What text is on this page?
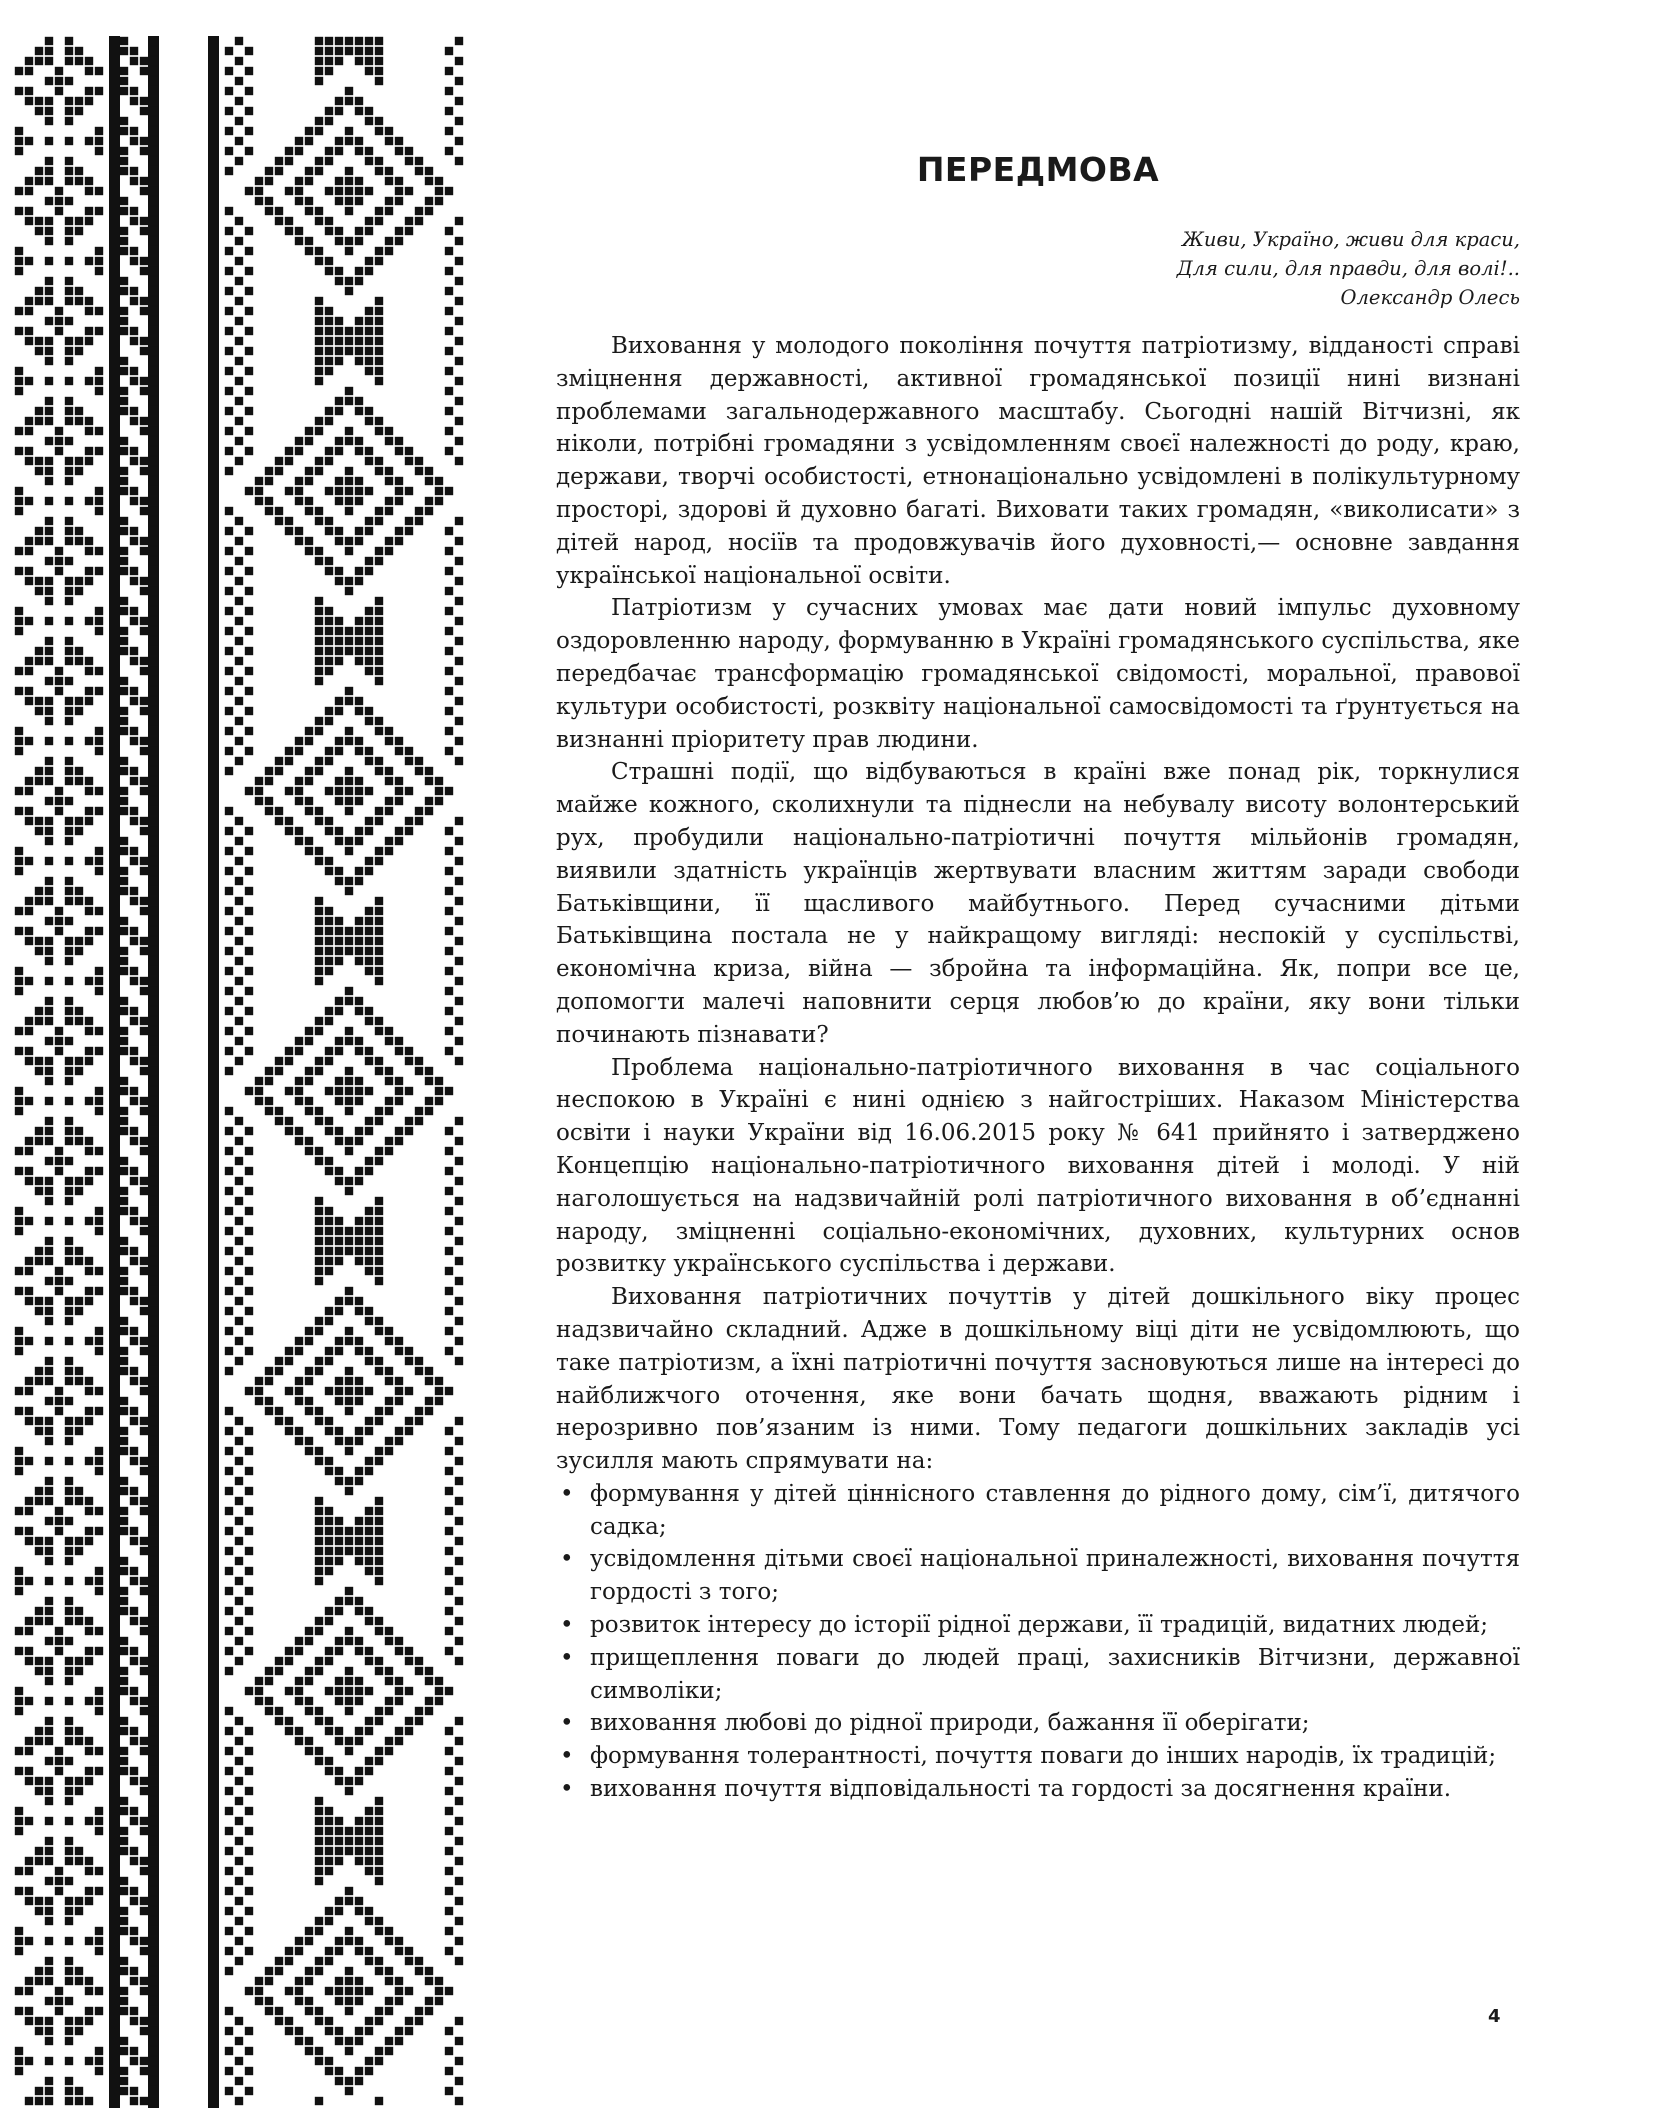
ПЕРЕДМОВА
Живи, Україно, живи для краси,
Для сили, для правди, для волі!..
Олександр Олесь

Виховання у молодого покоління почуття патріотизму, відданості справі зміцнення державності, активної громадянської позиції нині визнані проблемами загальнодержавного масштабу. Сьогодні нашій Вітчизні, як ніколи, потрібні громадяни з усвідомленням своєї належності до роду, краю, держави, творчі особистості, етнонаціонально усвідомлені в полікультурному просторі, здорові й духовно багаті. Виховати таких громадян, «виколисати» з дітей народ, носіїв та продовжувачів його духовності,— основне завдання української національної освіти.

Патріотизм у сучасних умовах має дати новий імпульс духовному оздоровленню народу, формуванню в Україні громадянського суспільства, яке передбачає трансформацію громадянської свідомості, моральної, правової культури особистості, розквіту національної самосвідомості та ґрунтується на визнанні пріоритету прав людини.

Страшні події, що відбуваються в країні вже понад рік, торкнулися майже кожного, сколихнули та піднесли на небувалу висоту волонтерський рух, пробудили національно-патріотичні почуття мільйонів громадян, виявили здатність українців жертвувати власним життям заради свободи Батьківщини, її щасливого майбутнього. Перед сучасними дітьми Батьківщина постала не у найкращому вигляді: неспокій у суспільстві, економічна криза, війна — збройна та інформаційна. Як, попри все це, допомогти малечі наповнити серця любов’ю до країни, яку вони тільки починають пізнавати?

Проблема національно-патріотичного виховання в час соціального неспокою в Україні є нині однією з найгостріших. Наказом Міністерства освіти і науки України від 16.06.2015 року № 641 прийнято і затверджено Концепцію національно-патріотичного виховання дітей і молоді. У ній наголошується на надзвичайній ролі патріотичного виховання в об’єднанні народу, зміцненні соціально-економічних, духовних, культурних основ розвитку українського суспільства і держави.

Виховання патріотичних почуттів у дітей дошкільного віку процес надзвичайно складний. Адже в дошкільному віці діти не усвідомлюють, що таке патріотизм, а їхні патріотичні почуття засновуються лише на інтересі до найближчого оточення, яке вони бачать щодня, вважають рідним і нерозривно пов’язаним із ними. Тому педагоги дошкільних закладів усі зусилля мають спрямувати на:

• формування у дітей ціннісного ставлення до рідного дому, сім’ї, дитячого садка;
• усвідомлення дітьми своєї національної приналежності, виховання почуття гордості з того;
• розвиток інтересу до історії рідної держави, її традицій, видатних людей;
• прищеплення поваги до людей праці, захисників Вітчизни, державної символіки;
• виховання любові до рідної природи, бажання її оберігати;
• формування толерантності, почуття поваги до інших народів, їх традицій;
• виховання почуття відповідальності та гордості за досягнення країни.
4
